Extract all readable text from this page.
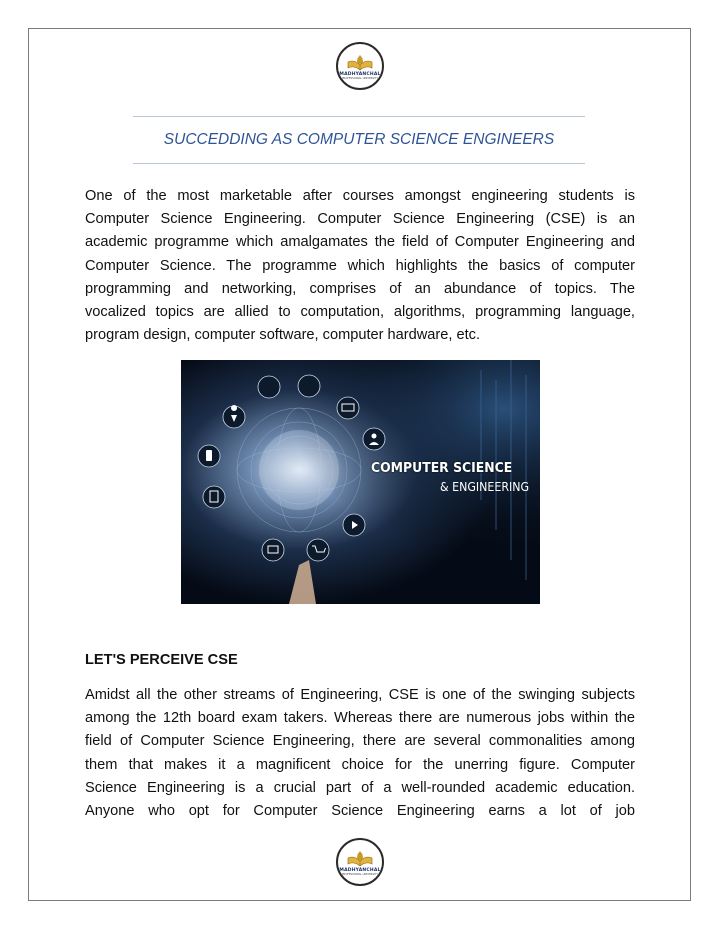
MADHYANCHAL
PROFESSIONAL UNIVERSITY
SUCCEDDING AS COMPUTER SCIENCE ENGINEERS
One of the most marketable after courses amongst engineering students is
Computer Science Engineering. Computer Science Engineering (CSE) is an
academic programme which amalgamates the field of Computer Engineering and
Computer Science. The programme which highlights the basics of computer
programming and networking, comprises of an abundance of topics. The
vocalized topics are allied to computation, algorithms, programming language,
program design, computer software, computer hardware, etc.
COMPUTER SCIENCE
& ENGINEERING
LET'S PERCEIVE CSE
Amidst all the other streams of Engineering, CSE is one of the swinging subjects
among the 12th board exam takers. Whereas there are numerous jobs within the
field of Computer Science Engineering, there are several commonalities among
them that makes it a magnificent choice for the unerring figure. Computer
Science Engineering is a crucial part of a well-rounded academic education.
Anyone who opt for Computer Science Engineering earns a lot of job
MADHYANCHAL
PROFESSIONAL UNIVERSITY
